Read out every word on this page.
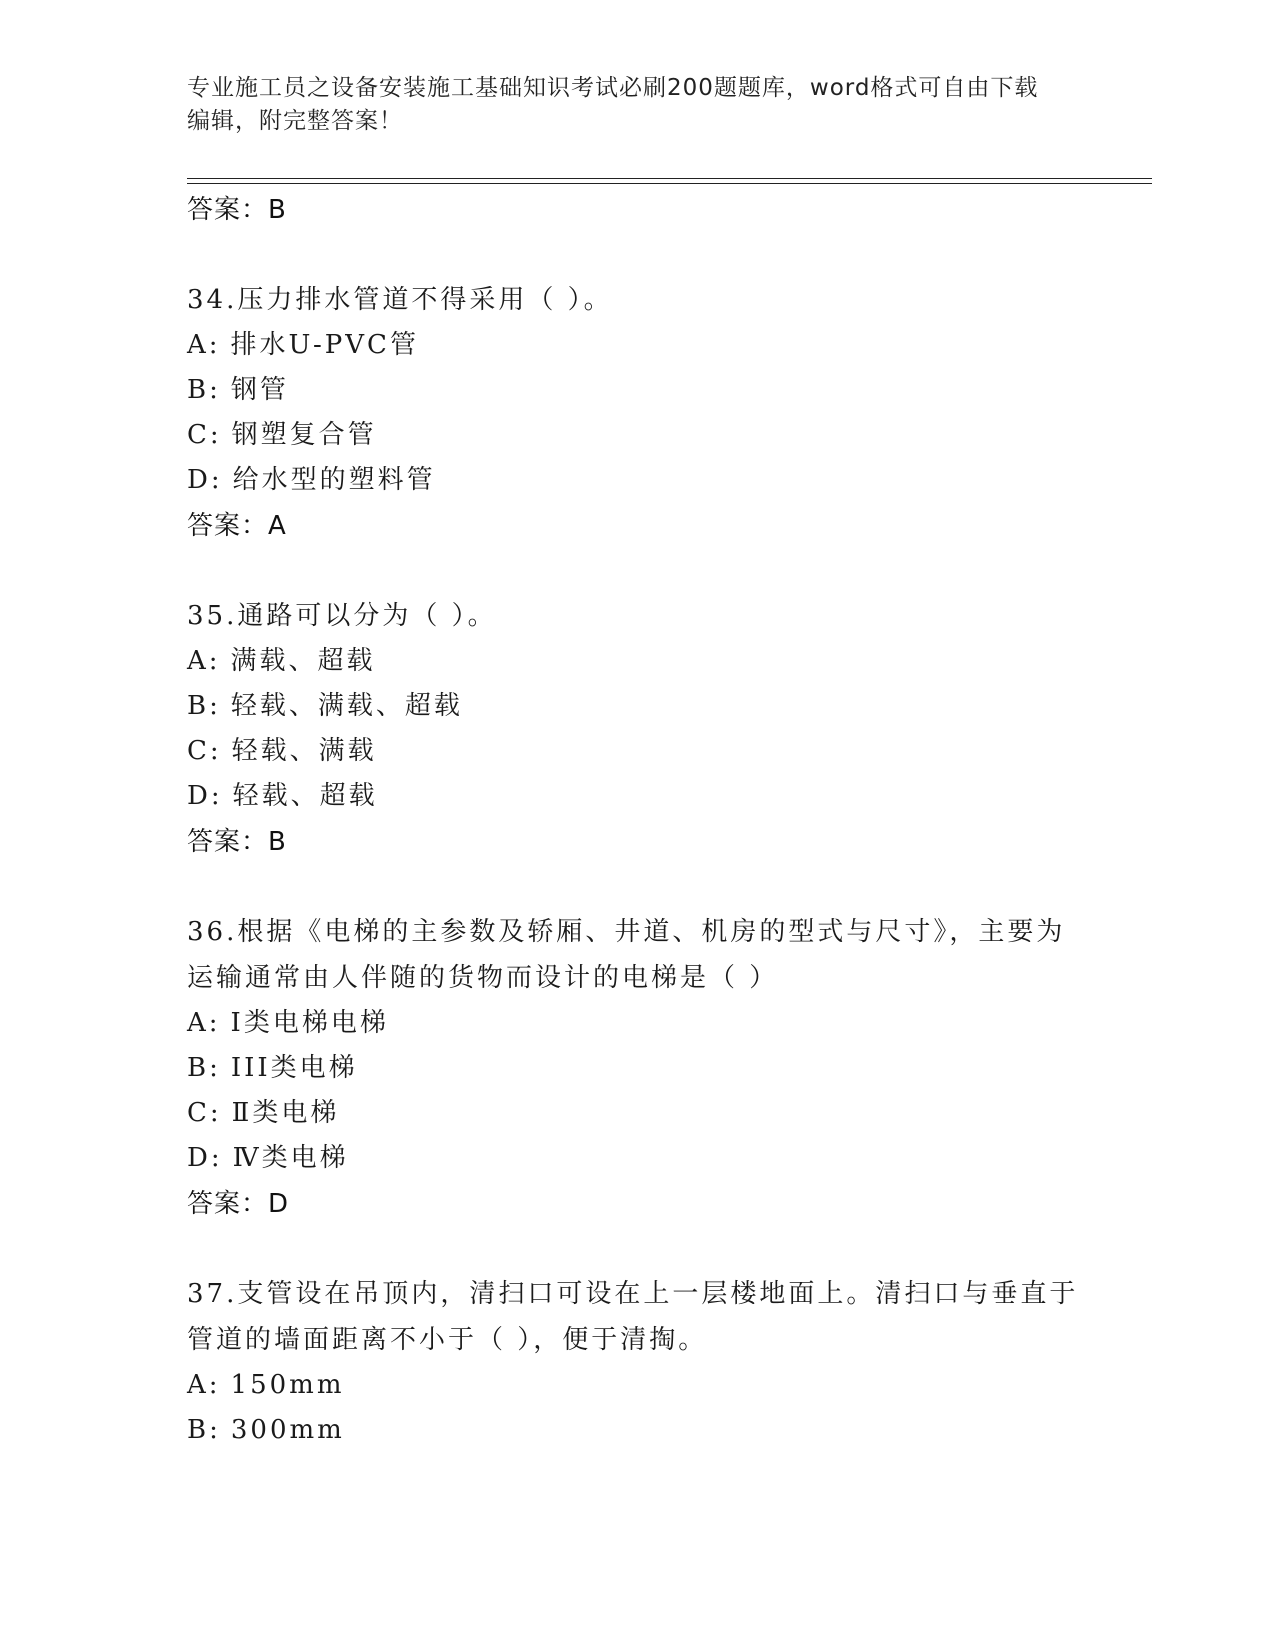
专业施工员之设备安装施工基础知识考试必刷200题题库，word格式可自由下载
编辑，附完整答案！
答案：B
34.压力排水管道不得采用（ ）。
A: 排水U-PVC管
B: 钢管
C: 钢塑复合管
D: 给水型的塑料管
答案：A
35.通路可以分为（ ）。
A: 满载、超载
B: 轻载、满载、超载
C: 轻载、满载
D: 轻载、超载
答案：B
36.根据《电梯的主参数及轿厢、井道、机房的型式与尺寸》，主要为
运输通常由人伴随的货物而设计的电梯是（ ）
A: Ⅰ类电梯电梯
B: III类电梯
C: Ⅱ类电梯
D: Ⅳ类电梯
答案：D
37.支管设在吊顶内，清扫口可设在上一层楼地面上。清扫口与垂直于
管道的墙面距离不小于（ ），便于清掏。
A: 150mm
B: 300mm
